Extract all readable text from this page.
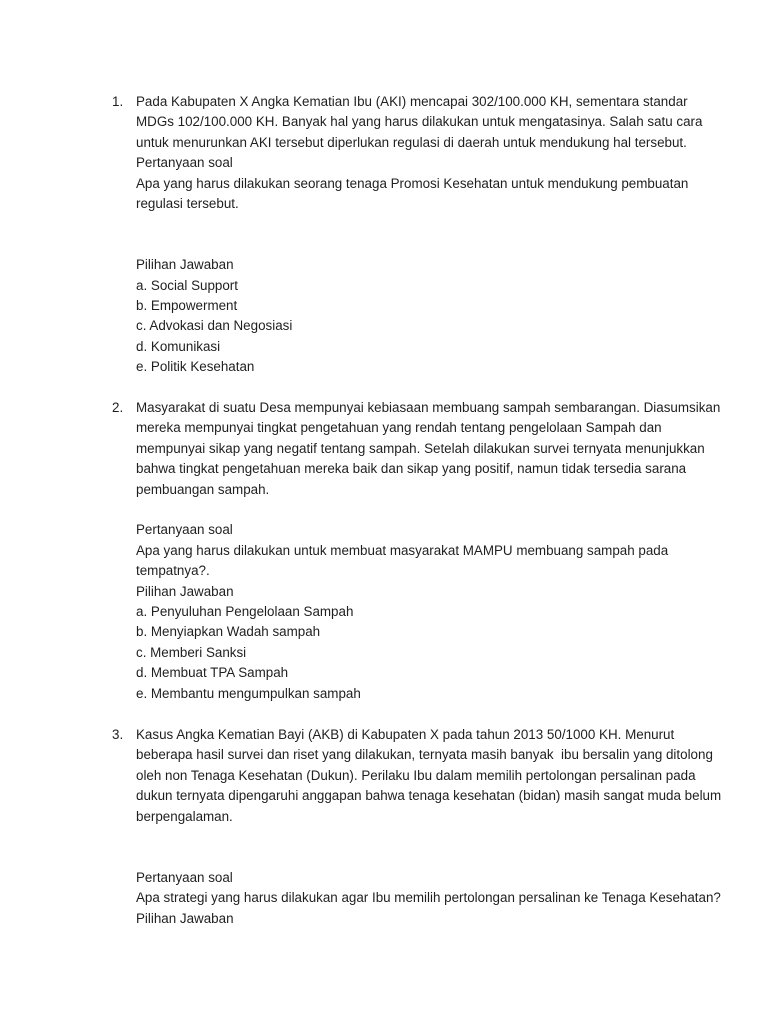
1. Pada Kabupaten X Angka Kematian Ibu (AKI) mencapai 302/100.000 KH, sementara standar
MDGs 102/100.000 KH. Banyak hal yang harus dilakukan untuk mengatasinya. Salah satu cara
untuk menurunkan AKI tersebut diperlukan regulasi di daerah untuk mendukung hal tersebut.
Pertanyaan soal
Apa yang harus dilakukan seorang tenaga Promosi Kesehatan untuk mendukung pembuatan
regulasi tersebut.
Pilihan Jawaban
a. Social Support
b. Empowerment
c. Advokasi dan Negosiasi
d. Komunikasi
e. Politik Kesehatan
2. Masyarakat di suatu Desa mempunyai kebiasaan membuang sampah sembarangan. Diasumsikan
mereka mempunyai tingkat pengetahuan yang rendah tentang pengelolaan Sampah dan
mempunyai sikap yang negatif tentang sampah. Setelah dilakukan survei ternyata menunjukkan
bahwa tingkat pengetahuan mereka baik dan sikap yang positif, namun tidak tersedia sarana
pembuangan sampah.
Pertanyaan soal
Apa yang harus dilakukan untuk membuat masyarakat MAMPU membuang sampah pada
tempatnya?.
Pilihan Jawaban
a. Penyuluhan Pengelolaan Sampah
b. Menyiapkan Wadah sampah
c. Memberi Sanksi
d. Membuat TPA Sampah
e. Membantu mengumpulkan sampah
3. Kasus Angka Kematian Bayi (AKB) di Kabupaten X pada tahun 2013 50/1000 KH. Menurut
beberapa hasil survei dan riset yang dilakukan, ternyata masih banyak  ibu bersalin yang ditolong
oleh non Tenaga Kesehatan (Dukun). Perilaku Ibu dalam memilih pertolongan persalinan pada
dukun ternyata dipengaruhi anggapan bahwa tenaga kesehatan (bidan) masih sangat muda belum
berpengalaman.
Pertanyaan soal
Apa strategi yang harus dilakukan agar Ibu memilih pertolongan persalinan ke Tenaga Kesehatan?
Pilihan Jawaban
